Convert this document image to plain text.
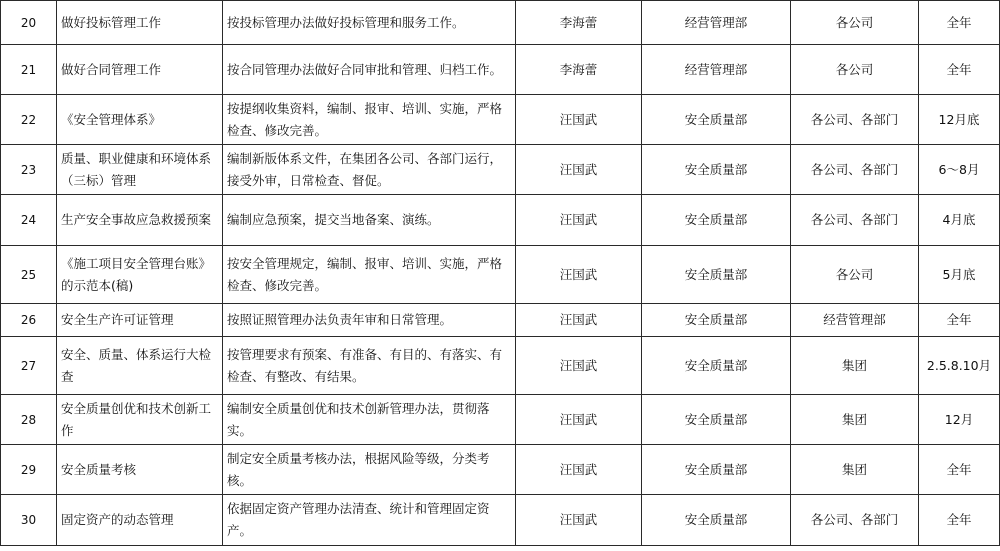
20	做好投标管理工作	按投标管理办法做好投标管理和服务工作。	李海蕾	经营管理部	各公司	全年
21	做好合同管理工作	按合同管理办法做好合同审批和管理、归档工作。	李海蕾	经营管理部	各公司	全年
22	《安全管理体系》	按提纲收集资料，编制、报审、培训、实施，严格检查、修改完善。	汪国武	安全质量部	各公司、各部门	12月底
23	质量、职业健康和环境体系（三标）管理	编制新版体系文件，在集团各公司、各部门运行，接受外审，日常检查、督促。	汪国武	安全质量部	各公司、各部门	6～8月
24	生产安全事故应急救援预案	编制应急预案，提交当地备案、演练。	汪国武	安全质量部	各公司、各部门	4月底
25	《施工项目安全管理台账》的示范本(稿)	按安全管理规定，编制、报审、培训、实施，严格检查、修改完善。	汪国武	安全质量部	各公司	5月底
26	安全生产许可证管理	按照证照管理办法负责年审和日常管理。	汪国武	安全质量部	经营管理部	全年
27	安全、质量、体系运行大检查	按管理要求有预案、有准备、有目的、有落实、有检查、有整改、有结果。	汪国武	安全质量部	集团	2.5.8.10月
28	安全质量创优和技术创新工作	编制安全质量创优和技术创新管理办法，贯彻落实。	汪国武	安全质量部	集团	12月
29	安全质量考核	制定安全质量考核办法，根据风险等级，分类考核。	汪国武	安全质量部	集团	全年
30	固定资产的动态管理	依据固定资产管理办法清查、统计和管理固定资产。	汪国武	安全质量部	各公司、各部门	全年
